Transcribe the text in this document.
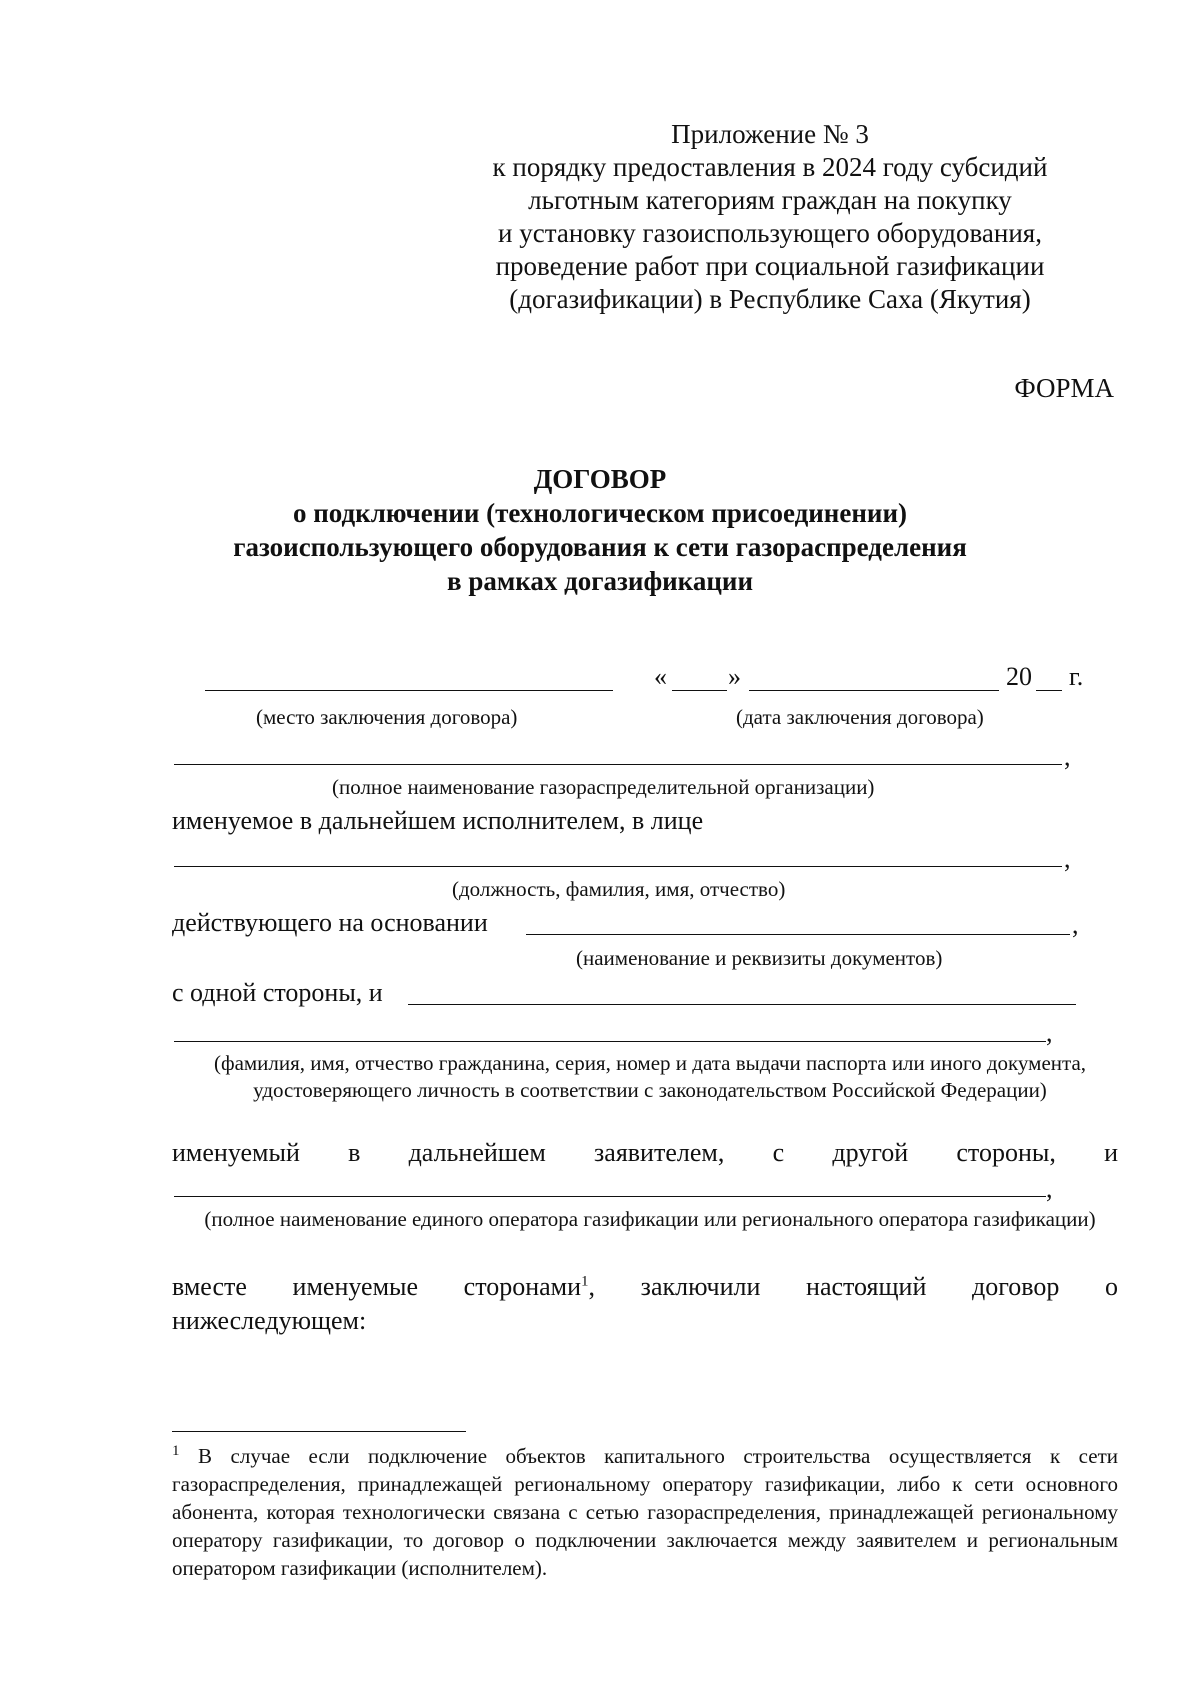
Приложение № 3
к порядку предоставления в 2024 году субсидий
льготным категориям граждан на покупку
и установку газоиспользующего оборудования,
проведение работ при социальной газификации
(догазификации) в Республике Саха (Якутия)
ФОРМА
ДОГОВОР
о подключении (технологическом присоединении)
газоиспользующего оборудования к сети газораспределения
в рамках догазификации
« »	20 г.
(место заключения договора)	(дата заключения договора)
,
(полное наименование газораспределительной организации)
именуемое в дальнейшем исполнителем, в лице
,
(должность, фамилия, имя, отчество)
действующего на основании	,
(наименование и реквизиты документов)
с одной стороны, и
,
(фамилия, имя, отчество гражданина, серия, номер и дата выдачи паспорта или иного документа, удостоверяющего личность в соответствии с законодательством Российской Федерации)
именуемый в дальнейшем заявителем, с другой стороны, и
,
(полное наименование единого оператора газификации или регионального оператора газификации)
вместе именуемые сторонами$^1$, заключили настоящий договор о
нижеследующем:
$^1$ В случае если подключение объектов капитального строительства осуществляется к сети газораспределения, принадлежащей региональному оператору газификации, либо к сети основного абонента, которая технологически связана с сетью газораспределения, принадлежащей региональному оператору газификации, то договор о подключении заключается между заявителем и региональным оператором газификации (исполнителем).
